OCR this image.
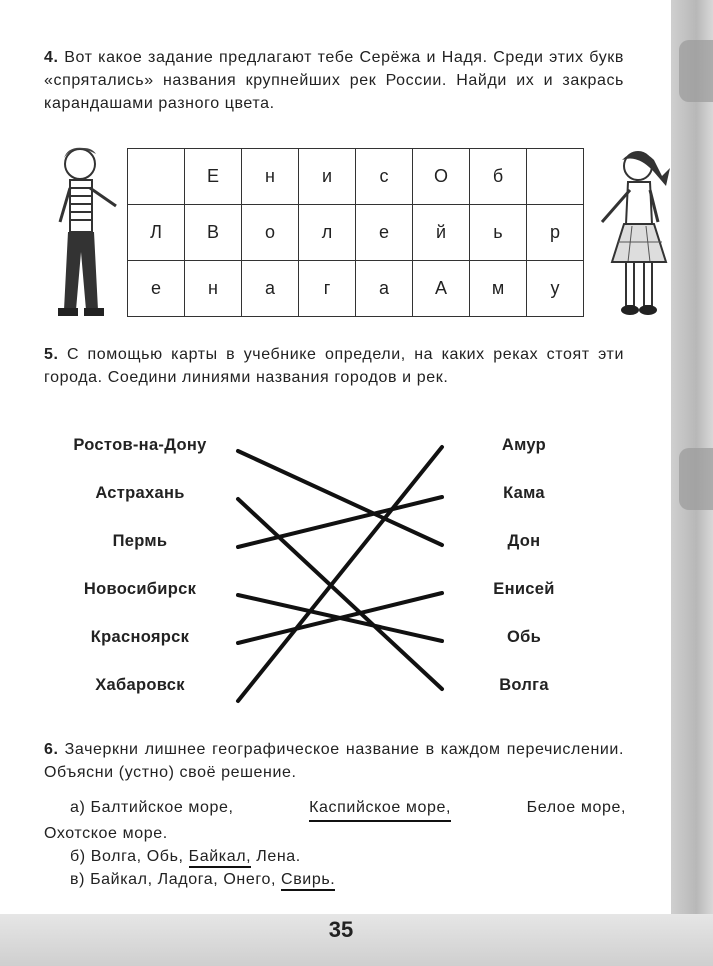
4. Вот какое задание предлагают тебе Серёжа и Надя. Среди этих букв «спрятались» названия крупнейших рек России. Найди их и закрась карандашами разного цвета.
	Е	н	и	с	О	б	
Л	В	о	л	е	й	ь	р
е	н	а	г	а	А	м	у
5. С помощью карты в учебнике определи, на каких реках стоят эти города. Соедини линиями названия городов и рек.
Ростов-на-Дону
Астрахань
Пермь
Новосибирск
Красноярск
Хабаровск
Амур
Кама
Дон
Енисей
Обь
Волга
6. Зачеркни лишнее географическое название в каждом перечислении. Объясни (устно) своё решение.
а) Балтийское море,	Каспийское море,	Белое море,
Охотское море.
б) Волга, Обь, Байкал, Лена.
в) Байкал, Ладога, Онего, Свирь.
35
